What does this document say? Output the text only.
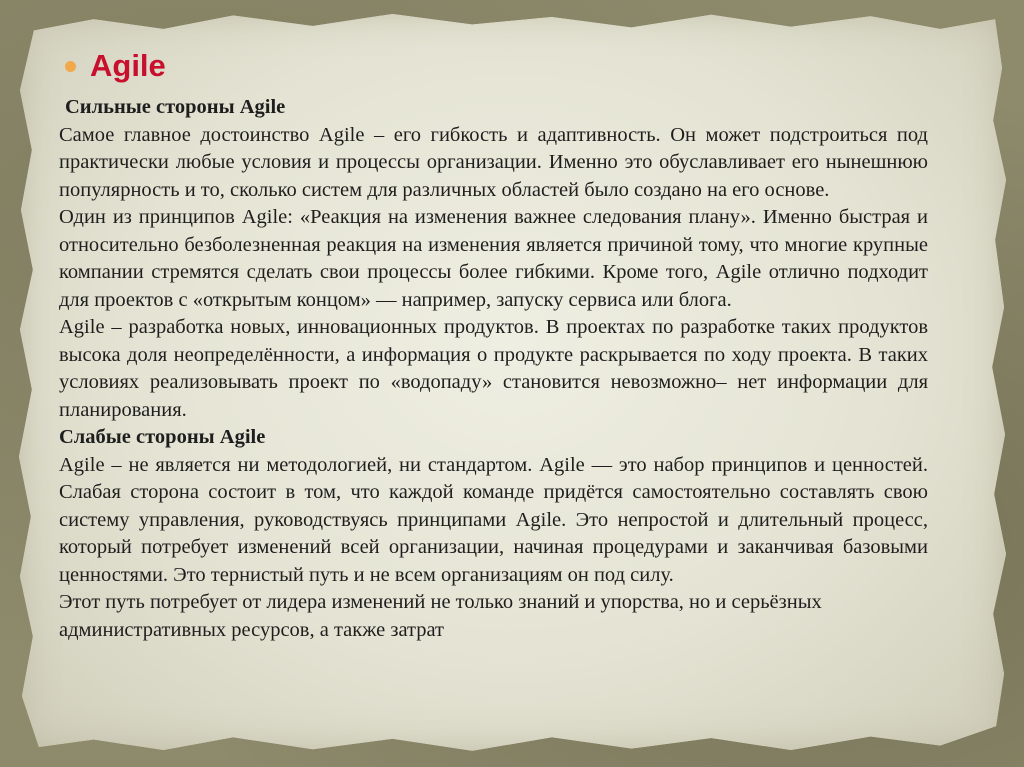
Agile

Сильные стороны Agile

Самое главное достоинство Agile – его гибкость и адаптивность. Он может подстроиться под практически любые условия и процессы организации. Именно это обуславливает его нынешнюю популярность и то, сколько систем для различных областей было создано на его основе.

Один из принципов Agile: «Реакция на изменения важнее следования плану». Именно быстрая и относительно безболезненная реакция на изменения является причиной тому, что многие крупные компании стремятся сделать свои процессы более гибкими. Кроме того, Agile отлично подходит для проектов с «открытым концом» — например, запуску сервиса или блога.

Agile – разработка новых, инновационных продуктов. В проектах по разработке таких продуктов высока доля неопределённости, а информация о продукте раскрывается по ходу проекта. В таких условиях реализовывать проект по «водопаду» становится невозможно– нет информации для планирования.

Слабые стороны Agile

Agile – не является ни методологией, ни стандартом. Agile — это набор принципов и ценностей. Слабая сторона состоит в том, что каждой команде придётся самостоятельно составлять свою систему управления, руководствуясь принципами Agile. Это непростой и длительный процесс, который потребует изменений всей организации, начиная процедурами и заканчивая базовыми ценностями. Это тернистый путь и не всем организациям он под силу.

Этот путь потребует от лидера изменений не только знаний и упорства, но и серьёзных административных ресурсов, а также затрат
